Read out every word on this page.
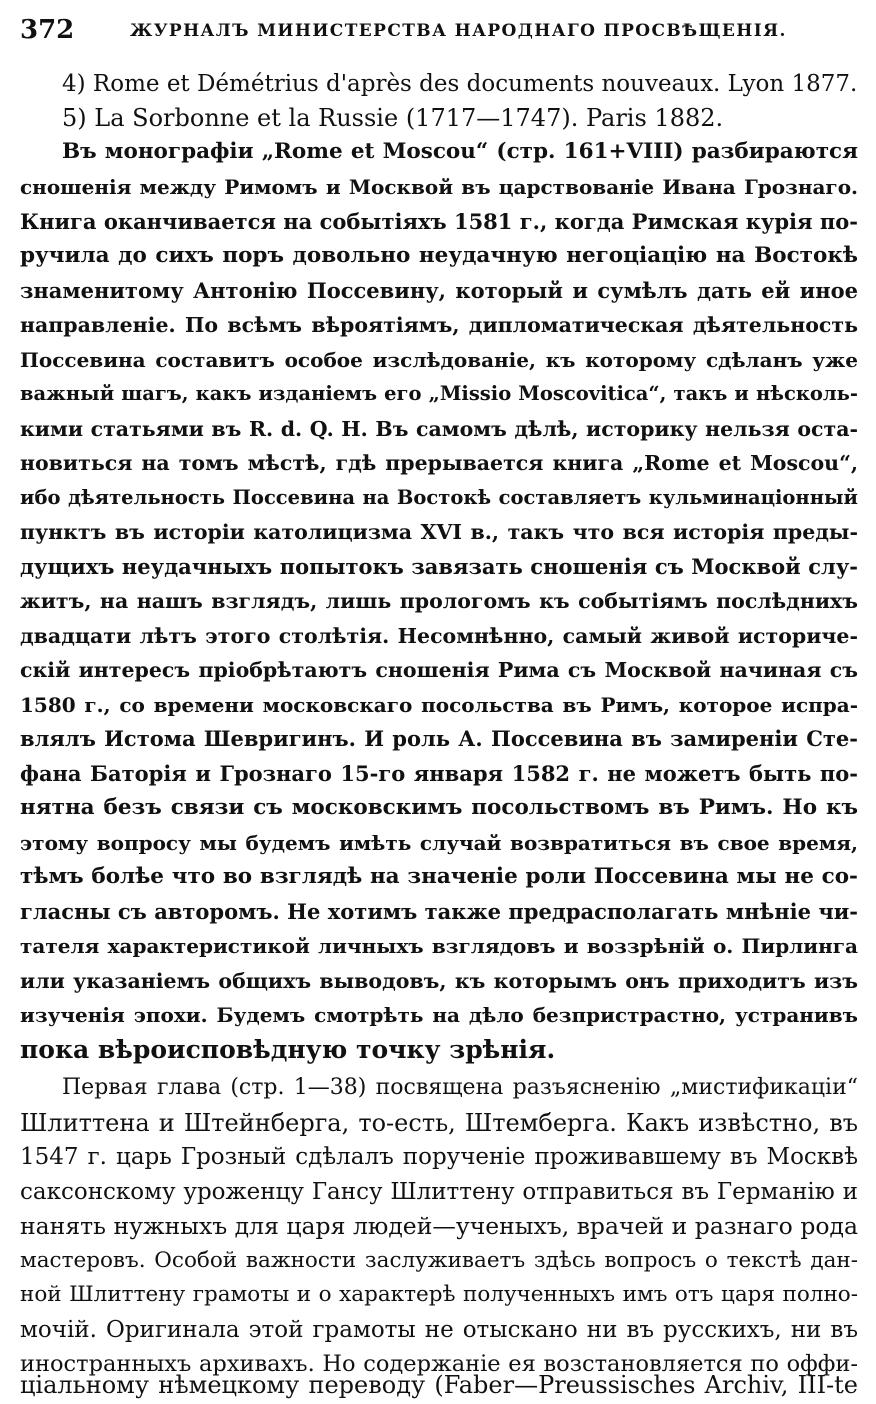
372	ЖУРНАЛЪ МИНИСТЕРСТВА НАРОДНАГО ПРОСВѢЩЕНІЯ.
4) Rome et Démétrius d'après des documents nouveaux. Lyon 1877.
5) La Sorbonne et la Russie (1717—1747). Paris 1882.
Въ монографіи „Rome et Moscou“ (стр. 161+VIII) разбираются
сношенія между Римомъ и Москвой въ царствованіе Ивана Грознаго.
Книга оканчивается на событіяхъ 1581 г., когда Римская курія по-
ручила до сихъ поръ довольно неудачную негоціацію на Востокѣ
знаменитому Антонію Поссевину, который и сумѣлъ дать ей иное
направленіе. По всѣмъ вѣроятіямъ, дипломатическая дѣятельность
Поссевина составитъ особое изслѣдованіе, къ которому сдѣланъ уже
важный шагъ, какъ изданіемъ его „Missio Moscovitica“, такъ и нѣсколь-
кими статьями въ R. d. Q. H. Въ самомъ дѣлѣ, историку нельзя оста-
новиться на томъ мѣстѣ, гдѣ прерывается книга „Rome et Moscou“,
ибо дѣятельность Поссевина на Востокѣ составляетъ кульминаціонный
пунктъ въ исторіи католицизма XVI в., такъ что вся исторія преды-
дущихъ неудачныхъ попытокъ завязать сношенія съ Москвой слу-
житъ, на нашъ взглядъ, лишь прологомъ къ событіямъ послѣднихъ
двадцати лѣтъ этого столѣтія. Несомнѣнно, самый живой историче-
скій интересъ пріобрѣтаютъ сношенія Рима съ Москвой начиная съ
1580 г., со времени московскаго посольства въ Римъ, которое испра-
влялъ Истома Шевригинъ. И роль А. Поссевина въ замиреніи Сте-
фана Баторія и Грознаго 15-го января 1582 г. не можетъ быть по-
нятна безъ связи съ московскимъ посольствомъ въ Римъ. Но къ
этому вопросу мы будемъ имѣть случай возвратиться въ свое время,
тѣмъ болѣе что во взглядѣ на значеніе роли Поссевина мы не со-
гласны съ авторомъ. Не хотимъ также предрасполагать мнѣніе чи-
тателя характеристикой личныхъ взглядовъ и воззрѣній о. Пирлинга
или указаніемъ общихъ выводовъ, къ которымъ онъ приходитъ изъ
изученія эпохи. Будемъ смотрѣть на дѣло безпристрастно, устранивъ
пока вѣроисповѣдную точку зрѣнія.
Первая глава (стр. 1—38) посвящена разъясненію „мистификаціи“
Шлиттена и Штейнберга, то-есть, Штемберга. Какъ извѣстно, въ
1547 г. царь Грозный сдѣлалъ порученіе проживавшему въ Москвѣ
саксонскому уроженцу Гансу Шлиттену отправиться въ Германію и
нанять нужныхъ для царя людей—ученыхъ, врачей и разнаго рода
мастеровъ. Особой важности заслуживаетъ здѣсь вопросъ о текстѣ дан-
ной Шлиттену грамоты и о характерѣ полученныхъ имъ отъ царя полно-
мочій. Оригинала этой грамоты не отыскано ни въ русскихъ, ни въ
иностранныхъ архивахъ. Но содержаніе ея возстановляется по оффи-
ціальному нѣмецкому переводу (Faber—Preussisches Archiv, III-te
